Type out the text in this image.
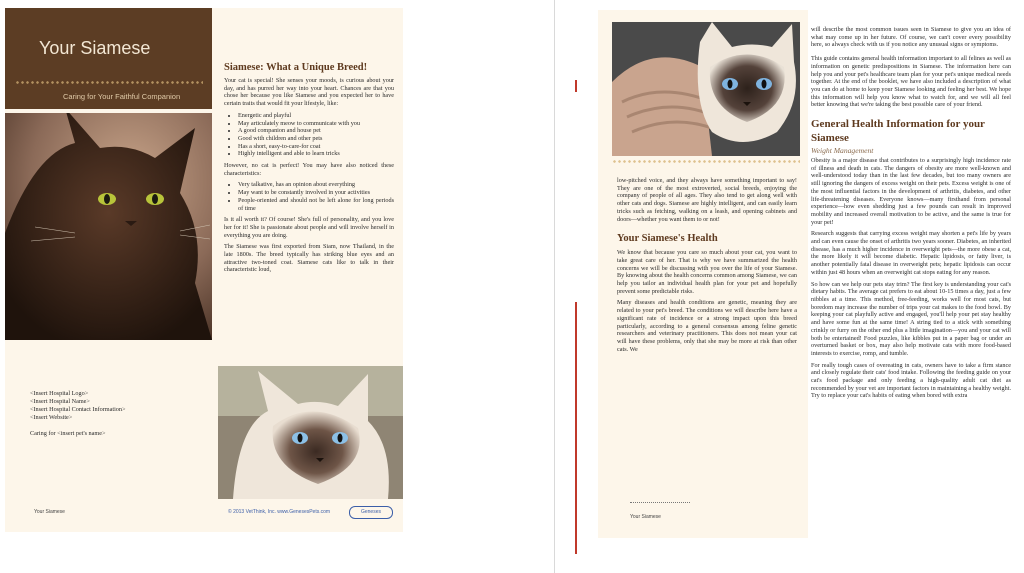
Your Siamese
Caring for Your Faithful Companion
Siamese: What a Unique Breed!

Your cat is special! She senses your moods, is curious about your day, and has purred her way into your heart. Chances are that you chose her because you like Siamese and you expected her to have certain traits that would fit your lifestyle, like:

• Energetic and playful
• May articulately meow to communicate with you
• A good companion and house pet
• Good with children and other pets
• Has a short, easy-to-care-for coat
• Highly intelligent and able to learn tricks

However, no cat is perfect! You may have also noticed these characteristics:

• Very talkative, has an opinion about everything
• May want to be constantly involved in your activities
• People-oriented and should not be left alone for long periods of time

Is it all worth it? Of course! She's full of personality, and you love her for it! She is passionate about people and will involve herself in everything you are doing.

The Siamese was first exported from Siam, now Thailand, in the late 1800s. The breed typically has striking blue eyes and an attractive two-toned coat. Siamese cats like to talk in their characteristic loud,

<Insert Hospital Logo>
<Insert Hospital Name>
<Insert Hospital Contact Information>
<Insert Website>
Caring for <insert pet's name>
Your Siamese	© 2013 VetThink, Inc. www.GenesesPets.com	Geneses

low-pitched voice, and they always have something important to say! They are one of the most extroverted, social breeds, enjoying the company of people of all ages. They also tend to get along well with other cats and dogs. Siamese are highly intelligent, and can easily learn tricks such as fetching, walking on a leash, and opening cabinets and doors—whether you want them to or not!

Your Siamese's Health

We know that because you care so much about your cat, you want to take great care of her. That is why we have summarized the health concerns we will be discussing with you over the life of your Siamese. By knowing about the health concerns common among Siamese, we can help you tailor an individual health plan for your pet and hopefully prevent some predictable risks.

Many diseases and health conditions are genetic, meaning they are related to your pet's breed. The conditions we will describe here have a significant rate of incidence or a strong impact upon this breed particularly, according to a general consensus among feline genetic researchers and veterinary practitioners. This does not mean your cat will have these problems, only that she may be more at risk than other cats. We

Your Siamese

will describe the most common issues seen in Siamese to give you an idea of what may come up in her future. Of course, we can't cover every possibility here, so always check with us if you notice any unusual signs or symptoms.

This guide contains general health information important to all felines as well as information on genetic predispositions in Siamese. The information here can help you and your pet's healthcare team plan for your pet's unique medical needs together. At the end of the booklet, we have also included a description of what you can do at home to keep your Siamese looking and feeling her best. We hope this information will help you know what to watch for, and we will all feel better knowing that we're taking the best possible care of your friend.

General Health Information for your Siamese
Weight Management

Obesity is a major disease that contributes to a surprisingly high incidence rate of illness and death in cats. The dangers of obesity are more well-known and well-understood today than in the last few decades, but too many owners are still ignoring the dangers of excess weight on their pets. Excess weight is one of the most influential factors in the development of arthritis, diabetes, and other life-threatening diseases. Everyone knows—many firsthand from personal experience—how even shedding just a few pounds can result in improved mobility and increased overall motivation to be active, and the same is true for your pet!

Research suggests that carrying excess weight may shorten a pet's life by years and can even cause the onset of arthritis two years sooner. Diabetes, an inherited disease, has a much higher incidence in overweight pets—the more obese a cat, the more likely it will become diabetic. Hepatic lipidosis, or fatty liver, is another potentially fatal disease in overweight pets; hepatic lipidosis can occur within just 48 hours when an overweight cat stops eating for any reason.

So how can we help our pets stay trim? The first key is understanding your cat's dietary habits. The average cat prefers to eat about 10-15 times a day, just a few nibbles at a time. This method, free-feeding, works well for most cats, but boredom may increase the number of trips your cat makes to the food bowl. By keeping your cat playfully active and engaged, you'll help your pet stay healthy and have some fun at the same time! A string tied to a stick with something crinkly or furry on the other end plus a little imagination—you and your cat will both be entertained! Food puzzles, like kibbles put in a paper bag or under an overturned basket or box, may also help motivate cats with more food-based interests to exercise, romp, and tumble.

For really tough cases of overeating in cats, owners have to take a firm stance and closely regulate their cats' food intake. Following the feeding guide on your cat's food package and only feeding a high-quality adult cat diet as recommended by your vet are important factors in maintaining a healthy weight. Try to replace your cat's habits of eating when bored with extra
